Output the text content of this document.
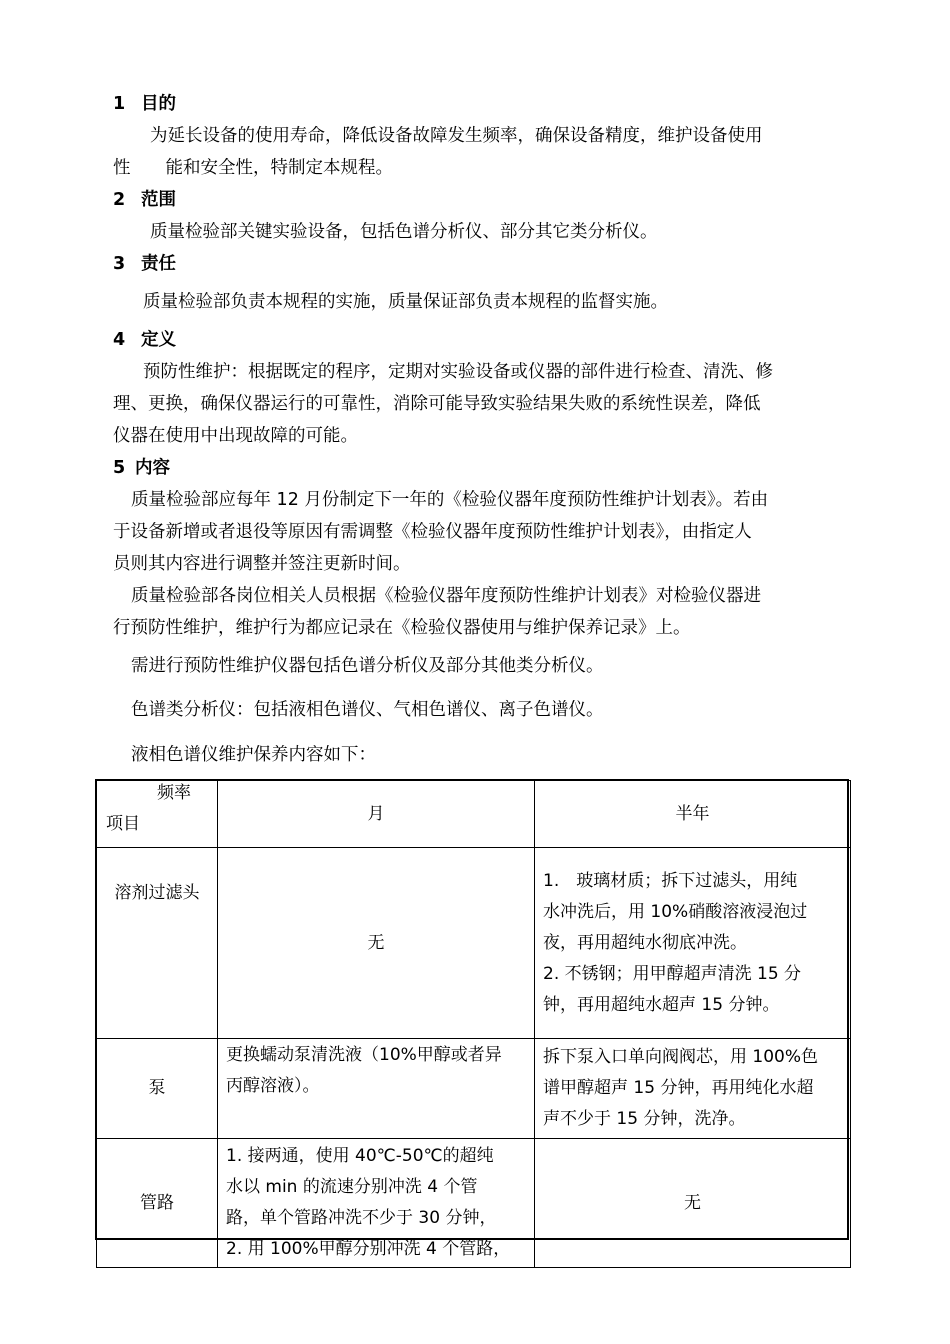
1 目的
为延长设备的使用寿命，降低设备故障发生频率，确保设备精度，维护设备使用
性　　能和安全性，特制定本规程。
2 范围
质量检验部关键实验设备，包括色谱分析仪、部分其它类分析仪。
3 责任
质量检验部负责本规程的实施，质量保证部负责本规程的监督实施。
4 定义
预防性维护：根据既定的程序，定期对实验设备或仪器的部件进行检查、清洗、修
理、更换，确保仪器运行的可靠性，消除可能导致实验结果失败的系统性误差，降低
仪器在使用中出现故障的可能。
5 内容
质量检验部应每年 12 月份制定下一年的《检验仪器年度预防性维护计划表》。若由
于设备新增或者退役等原因有需调整《检验仪器年度预防性维护计划表》，由指定人
员则其内容进行调整并签注更新时间。
质量检验部各岗位相关人员根据《检验仪器年度预防性维护计划表》对检验仪器进
行预防性维护，维护行为都应记录在《检验仪器使用与维护保养记录》上。
需进行预防性维护仪器包括色谱分析仪及部分其他类分析仪。
色谱类分析仪：包括液相色谱仪、气相色谱仪、离子色谱仪。
液相色谱仪维护保养内容如下：
频率
项目	月	半年
溶剂过滤头	无	1.　玻璃材质；拆下过滤头，用纯
水冲洗后，用 10%硝酸溶液浸泡过
夜，再用超纯水彻底冲洗。
2. 不锈钢；用甲醇超声清洗 15 分
钟，再用超纯水超声 15 分钟。

泵	更换蠕动泵清洗液（10%甲醇或者异
丙醇溶液）。	拆下泵入口单向阀阀芯，用 100%色
谱甲醇超声 15 分钟，再用纯化水超
声不少于 15 分钟，洗净。

管路	1. 接两通，使用 40℃-50℃的超纯
水以 min 的流速分别冲洗 4 个管
路，单个管路冲洗不少于 30 分钟，
2. 用 100%甲醇分别冲洗 4 个管路，	无
